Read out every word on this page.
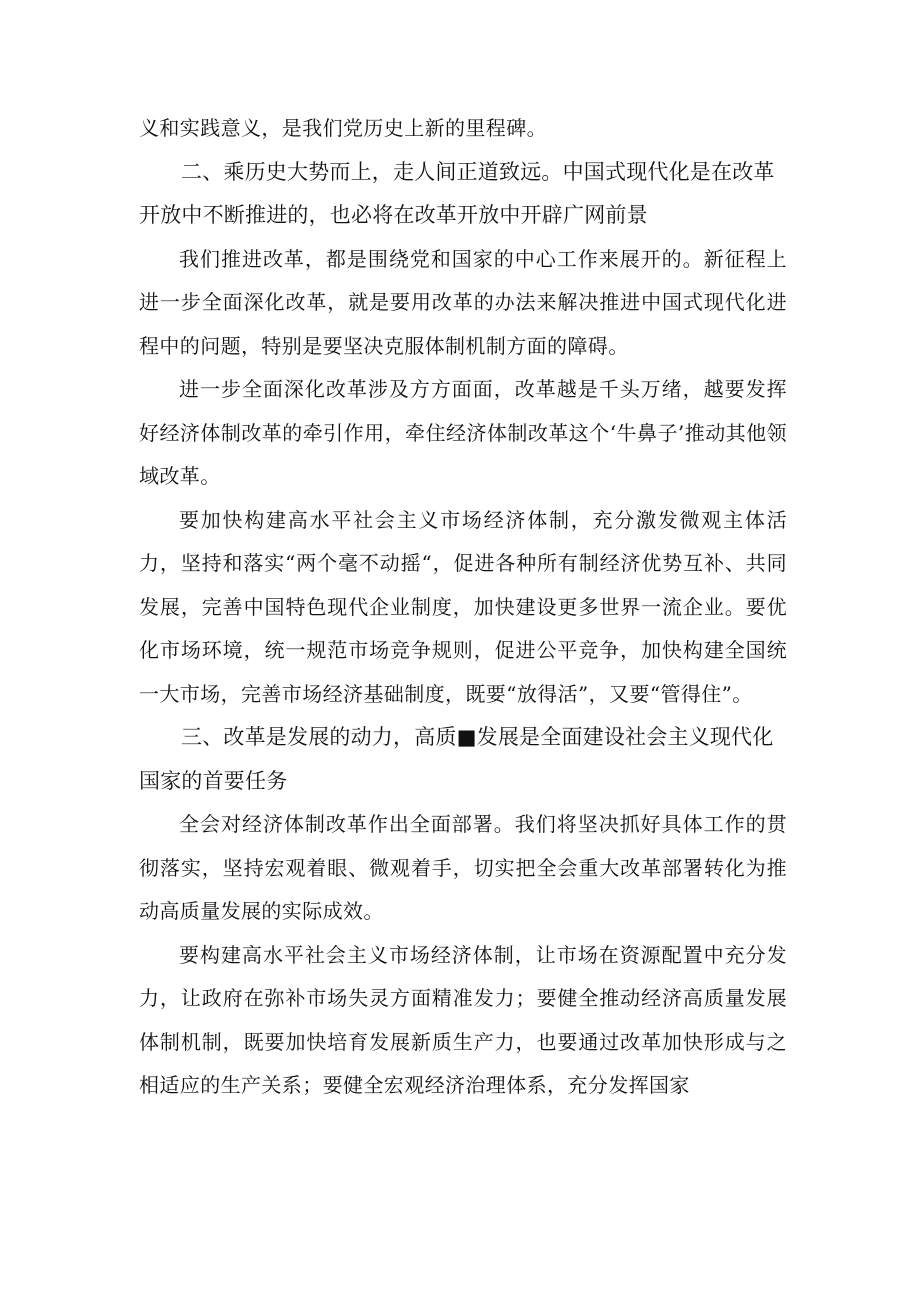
义和实践意义，是我们党历史上新的里程碑。

二、乘历史大势而上，走人间正道致远。中国式现代化是在改革开放中不断推进的，也必将在改革开放中开辟广网前景

我们推进改革，都是围绕党和国家的中心工作来展开的。新征程上进一步全面深化改革，就是要用改革的办法来解决推进中国式现代化进程中的问题，特别是要坚决克服体制机制方面的障碍。

进一步全面深化改革涉及方方面面，改革越是千头万绪，越要发挥好经济体制改革的牵引作用，牵住经济体制改革这个‘牛鼻子’推动其他领域改革。

要加快构建高水平社会主义市场经济体制，充分激发微观主体活力，坚持和落实“两个毫不动摇“，促进各种所有制经济优势互补、共同发展，完善中国特色现代企业制度，加快建设更多世界一流企业。要优化市场环境，统一规范市场竞争规则，促进公平竞争，加快构建全国统一大市场，完善市场经济基础制度，既要“放得活”，又要“管得住”。

三、改革是发展的动力，高质■发展是全面建设社会主义现代化国家的首要任务

全会对经济体制改革作出全面部署。我们将坚决抓好具体工作的贯彻落实，坚持宏观着眼、微观着手，切实把全会重大改革部署转化为推动高质量发展的实际成效。

要构建高水平社会主义市场经济体制，让市场在资源配置中充分发力，让政府在弥补市场失灵方面精准发力；要健全推动经济高质量发展体制机制，既要加快培育发展新质生产力，也要通过改革加快形成与之相适应的生产关系；要健全宏观经济治理体系，充分发挥国家
